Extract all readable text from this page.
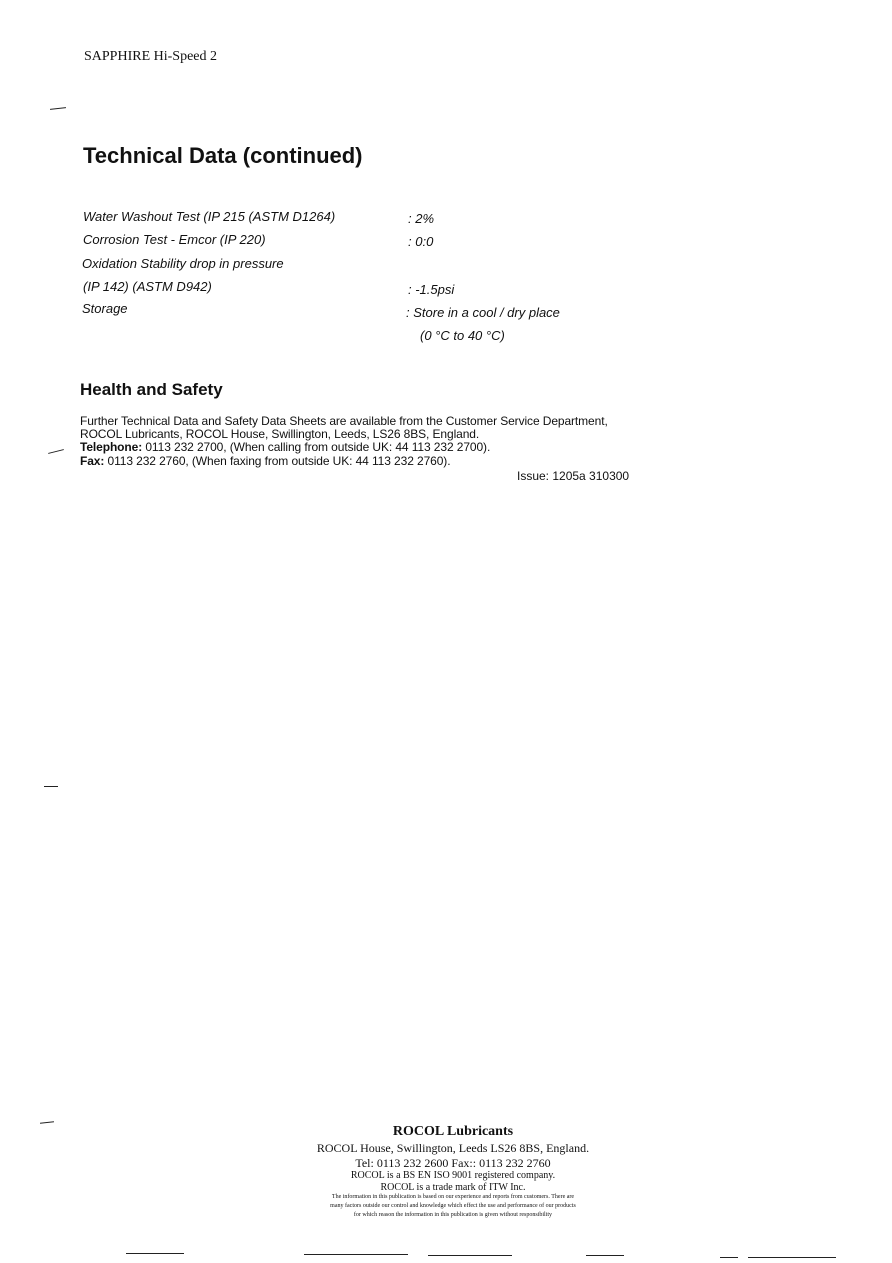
SAPPHIRE Hi-Speed 2
Technical Data (continued)
Water Washout Test (IP 215 (ASTM D1264)	: 2%
Corrosion Test - Emcor (IP 220)	: 0:0
Oxidation Stability drop in pressure
(IP 142) (ASTM D942)	: -1.5psi
Storage	: Store in a cool / dry place
(0 °C to 40 °C)
Health and Safety
Further Technical Data and Safety Data Sheets are available from the Customer Service Department,
ROCOL Lubricants, ROCOL House, Swillington, Leeds, LS26 8BS, England.
Telephone: 0113 232 2700, (When calling from outside UK: 44 113 232 2700).
Fax: 0113 232 2760, (When faxing from outside UK: 44 113 232 2760).
Issue: 1205a 310300
ROCOL Lubricants
ROCOL House, Swillington, Leeds LS26 8BS, England.
Tel: 0113 232 2600 Fax:: 0113 232 2760
ROCOL is a BS EN ISO 9001 registered company.
ROCOL is a trade mark of ITW Inc.
The information in this publication is based on our experience and reports from customers. There are
many factors outside our control and knowledge which effect the use and performance of our products
for which reason the information in this publication is given without responsibility
